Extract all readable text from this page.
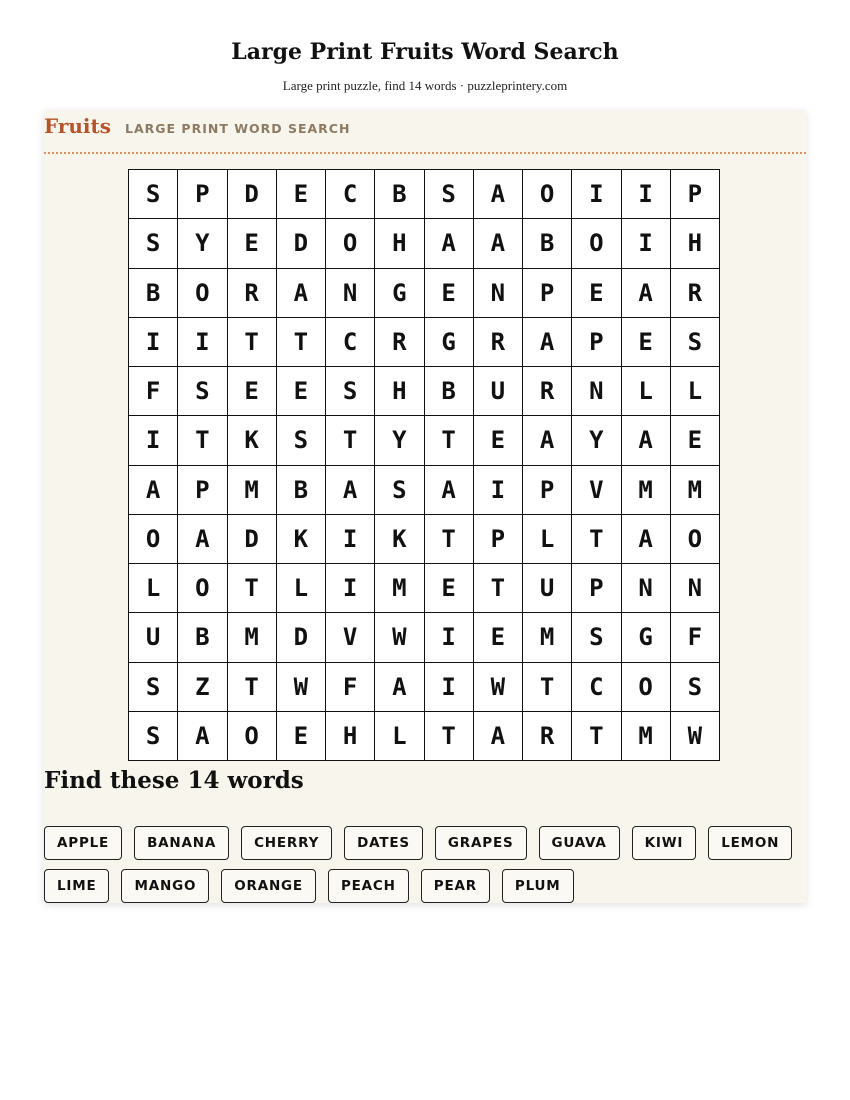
Large Print Fruits Word Search
Large print puzzle, find 14 words · puzzleprintery.com
Fruits LARGE PRINT WORD SEARCH
S	P	D	E	C	B	S	A	O	I	I	P
S	Y	E	D	O	H	A	A	B	O	I	H
B	O	R	A	N	G	E	N	P	E	A	R
I	I	T	T	C	R	G	R	A	P	E	S
F	S	E	E	S	H	B	U	R	N	L	L
I	T	K	S	T	Y	T	E	A	Y	A	E
A	P	M	B	A	S	A	I	P	V	M	M
O	A	D	K	I	K	T	P	L	T	A	O
L	O	T	L	I	M	E	T	U	P	N	N
U	B	M	D	V	W	I	E	M	S	G	F
S	Z	T	W	F	A	I	W	T	C	O	S
S	A	O	E	H	L	T	A	R	T	M	W
Find these 14 words
APPLE	BANANA	CHERRY	DATES	GRAPES	GUAVA	KIWI	LEMON
LIME	MANGO	ORANGE	PEACH	PEAR	PLUM
